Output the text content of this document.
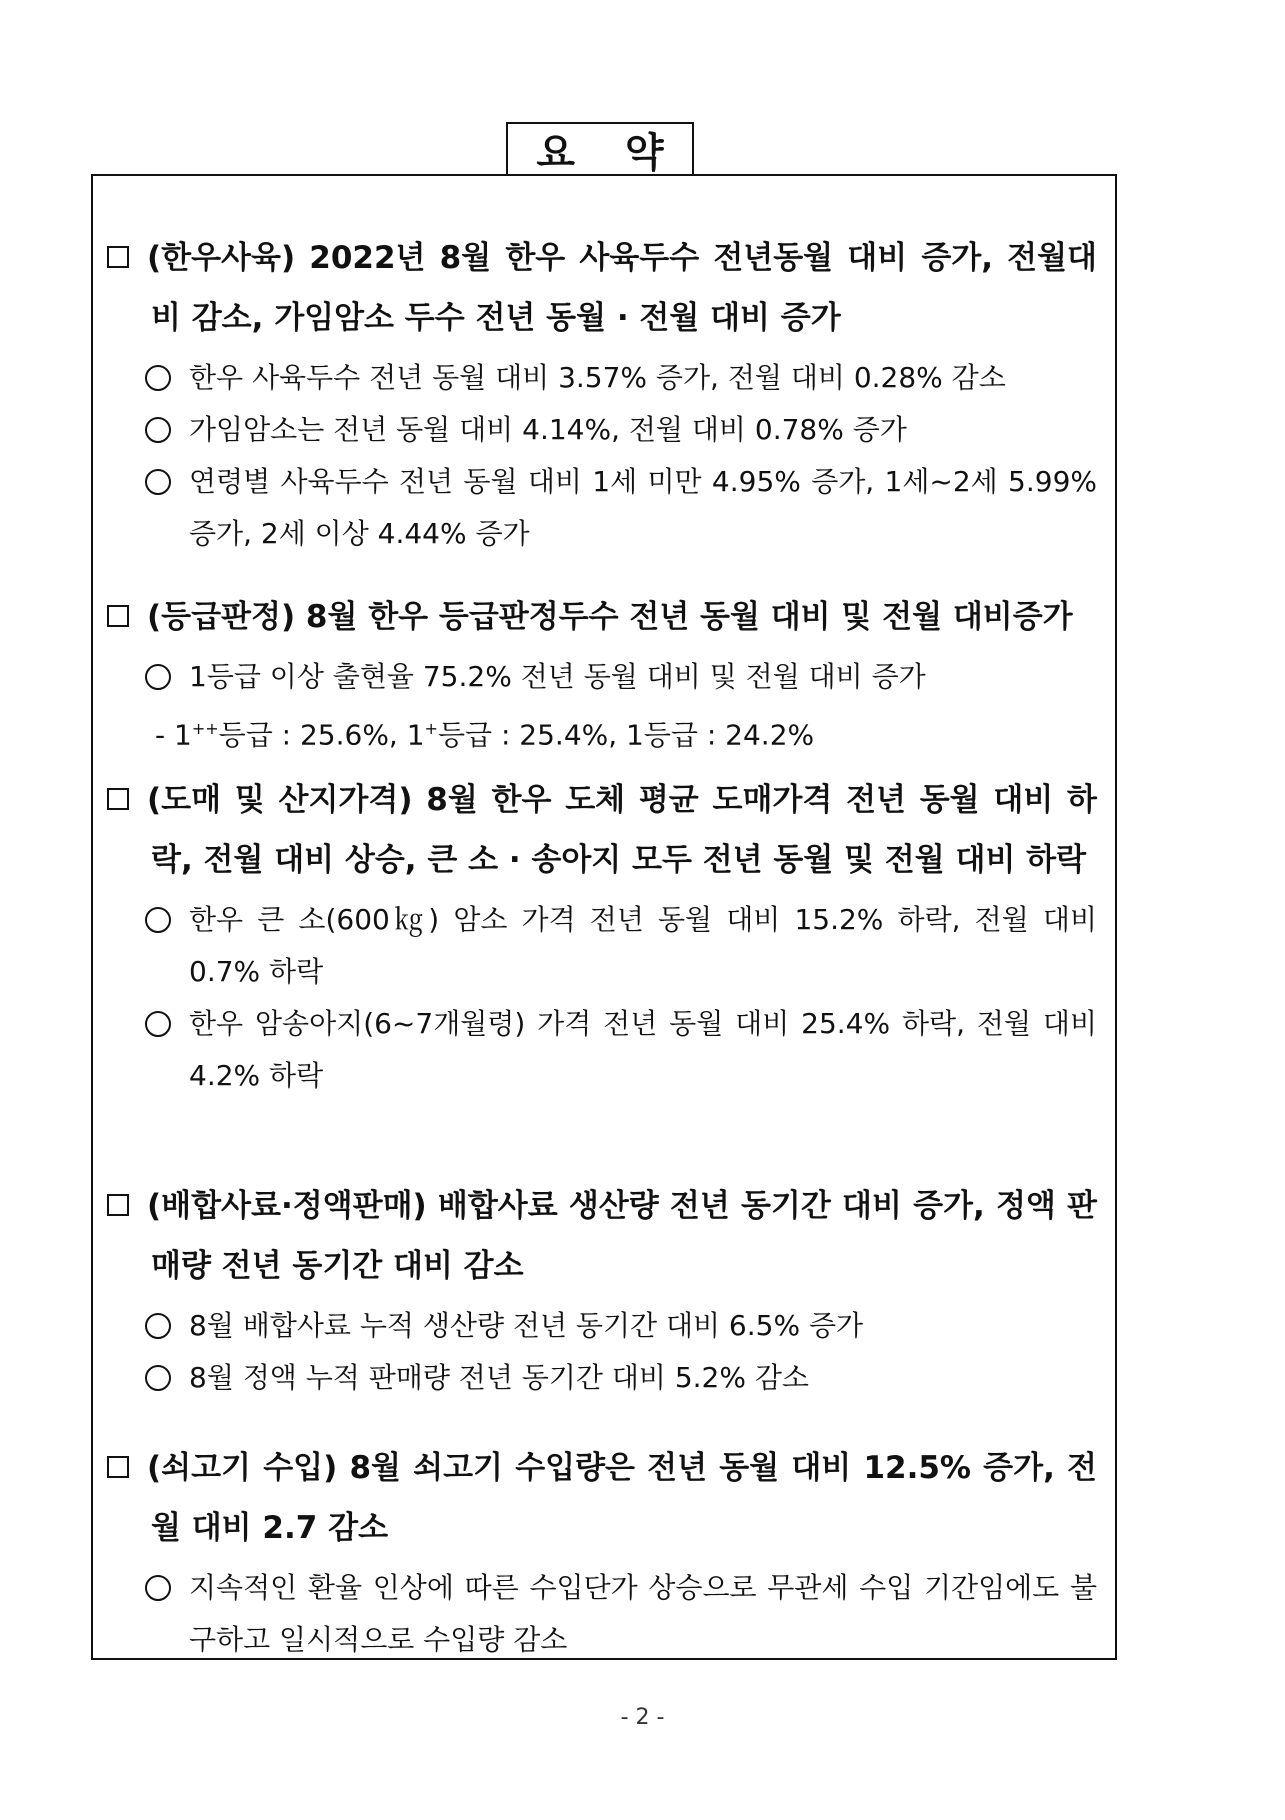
요 약

(한우사육) 2022년 8월 한우 사육두수 전년동월 대비 증가, 전월대비 감소, 가임암소 두수 전년 동월 · 전월 대비 증가

한우 사육두수 전년 동월 대비 3.57% 증가, 전월 대비 0.28% 감소
가임암소는 전년 동월 대비 4.14%, 전월 대비 0.78% 증가
연령별 사육두수 전년 동월 대비 1세 미만 4.95% 증가, 1세~2세 5.99% 증가, 2세 이상 4.44% 증가

(등급판정) 8월 한우 등급판정두수 전년 동월 대비 및 전월 대비증가

1등급 이상 출현율 75.2% 전년 동월 대비 및 전월 대비 증가
- 1++등급 : 25.6%, 1+등급 : 25.4%, 1등급 : 24.2%

(도매 및 산지가격) 8월 한우 도체 평균 도매가격 전년 동월 대비 하락, 전월 대비 상승, 큰 소 · 송아지 모두 전년 동월 및 전월 대비 하락

한우 큰 소(600㎏) 암소 가격 전년 동월 대비 15.2% 하락, 전월 대비 0.7% 하락
한우 암송아지(6~7개월령) 가격 전년 동월 대비 25.4% 하락, 전월 대비 4.2% 하락

(배합사료·정액판매) 배합사료 생산량 전년 동기간 대비 증가, 정액 판매량 전년 동기간 대비 감소

8월 배합사료 누적 생산량 전년 동기간 대비 6.5% 증가
8월 정액 누적 판매량 전년 동기간 대비 5.2% 감소

(쇠고기 수입) 8월 쇠고기 수입량은 전년 동월 대비 12.5% 증가, 전월 대비 2.7 감소

지속적인 환율 인상에 따른 수입단가 상승으로 무관세 수입 기간임에도 불구하고 일시적으로 수입량 감소
- 2 -
